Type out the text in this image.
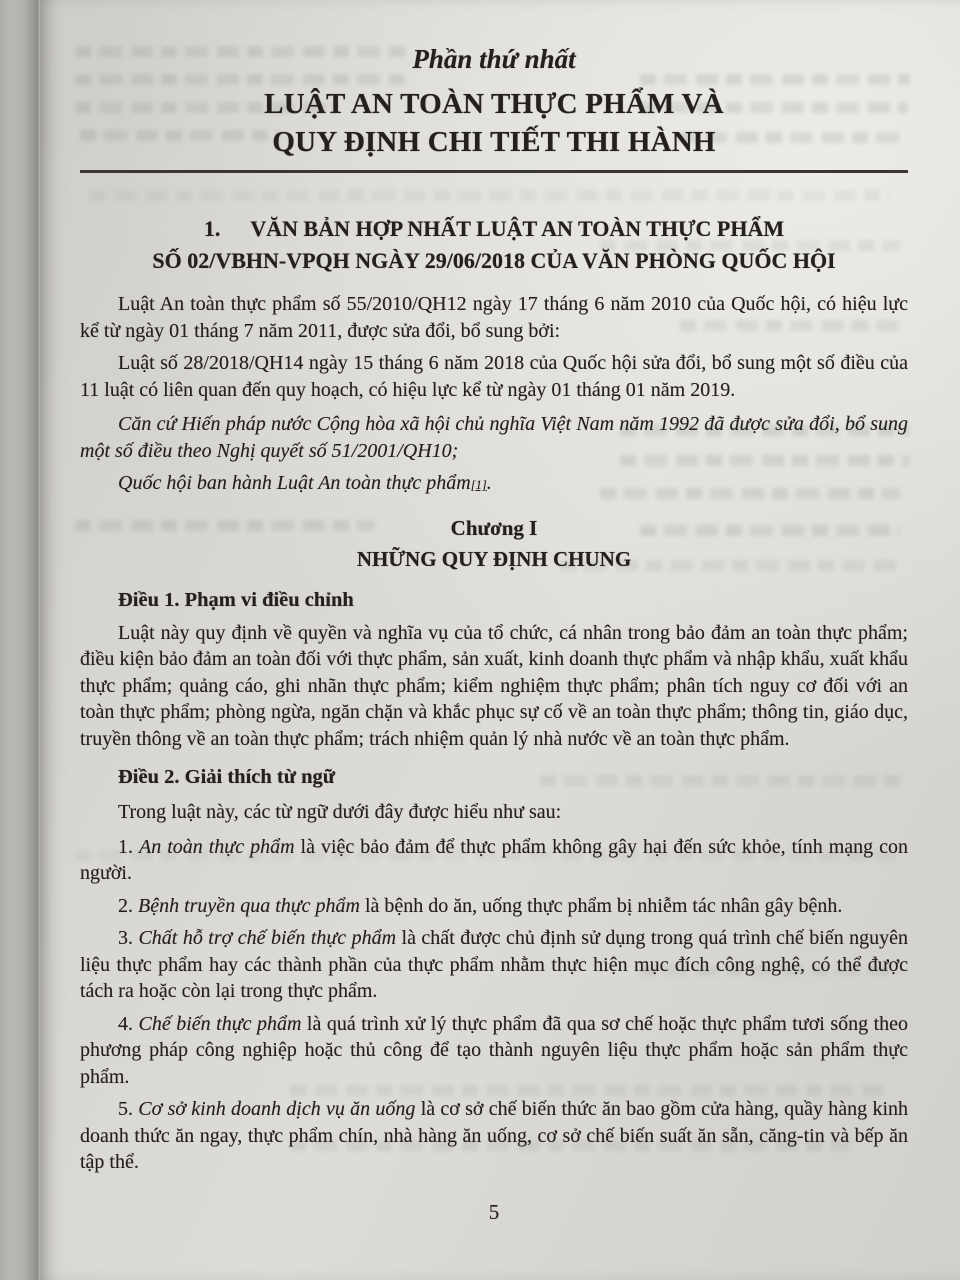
Phần thứ nhất
LUẬT AN TOÀN THỰC PHẨM VÀ
QUY ĐỊNH CHI TIẾT THI HÀNH
1. VĂN BẢN HỢP NHẤT LUẬT AN TOÀN THỰC PHẨM
SỐ 02/VBHN-VPQH NGÀY 29/06/2018 CỦA VĂN PHÒNG QUỐC HỘI

Luật An toàn thực phẩm số 55/2010/QH12 ngày 17 tháng 6 năm 2010 của Quốc hội, có hiệu lực kể từ ngày 01 tháng 7 năm 2011, được sửa đổi, bổ sung bởi:

Luật số 28/2018/QH14 ngày 15 tháng 6 năm 2018 của Quốc hội sửa đổi, bổ sung một số điều của 11 luật có liên quan đến quy hoạch, có hiệu lực kể từ ngày 01 tháng 01 năm 2019.

Căn cứ Hiến pháp nước Cộng hòa xã hội chủ nghĩa Việt Nam năm 1992 đã được sửa đổi, bổ sung một số điều theo Nghị quyết số 51/2001/QH10;

Quốc hội ban hành Luật An toàn thực phẩm[1].

Chương I
NHỮNG QUY ĐỊNH CHUNG

Điều 1. Phạm vi điều chỉnh

Luật này quy định về quyền và nghĩa vụ của tổ chức, cá nhân trong bảo đảm an toàn thực phẩm; điều kiện bảo đảm an toàn đối với thực phẩm, sản xuất, kinh doanh thực phẩm và nhập khẩu, xuất khẩu thực phẩm; quảng cáo, ghi nhãn thực phẩm; kiểm nghiệm thực phẩm; phân tích nguy cơ đối với an toàn thực phẩm; phòng ngừa, ngăn chặn và khắc phục sự cố về an toàn thực phẩm; thông tin, giáo dục, truyền thông về an toàn thực phẩm; trách nhiệm quản lý nhà nước về an toàn thực phẩm.

Điều 2. Giải thích từ ngữ

Trong luật này, các từ ngữ dưới đây được hiểu như sau:

1. An toàn thực phẩm là việc bảo đảm để thực phẩm không gây hại đến sức khỏe, tính mạng con người.

2. Bệnh truyền qua thực phẩm là bệnh do ăn, uống thực phẩm bị nhiễm tác nhân gây bệnh.

3. Chất hỗ trợ chế biến thực phẩm là chất được chủ định sử dụng trong quá trình chế biến nguyên liệu thực phẩm hay các thành phần của thực phẩm nhằm thực hiện mục đích công nghệ, có thể được tách ra hoặc còn lại trong thực phẩm.

4. Chế biến thực phẩm là quá trình xử lý thực phẩm đã qua sơ chế hoặc thực phẩm tươi sống theo phương pháp công nghiệp hoặc thủ công để tạo thành nguyên liệu thực phẩm hoặc sản phẩm thực phẩm.

5. Cơ sở kinh doanh dịch vụ ăn uống là cơ sở chế biến thức ăn bao gồm cửa hàng, quầy hàng kinh doanh thức ăn ngay, thực phẩm chín, nhà hàng ăn uống, cơ sở chế biến suất ăn sẵn, căng-tin và bếp ăn tập thể.

5
